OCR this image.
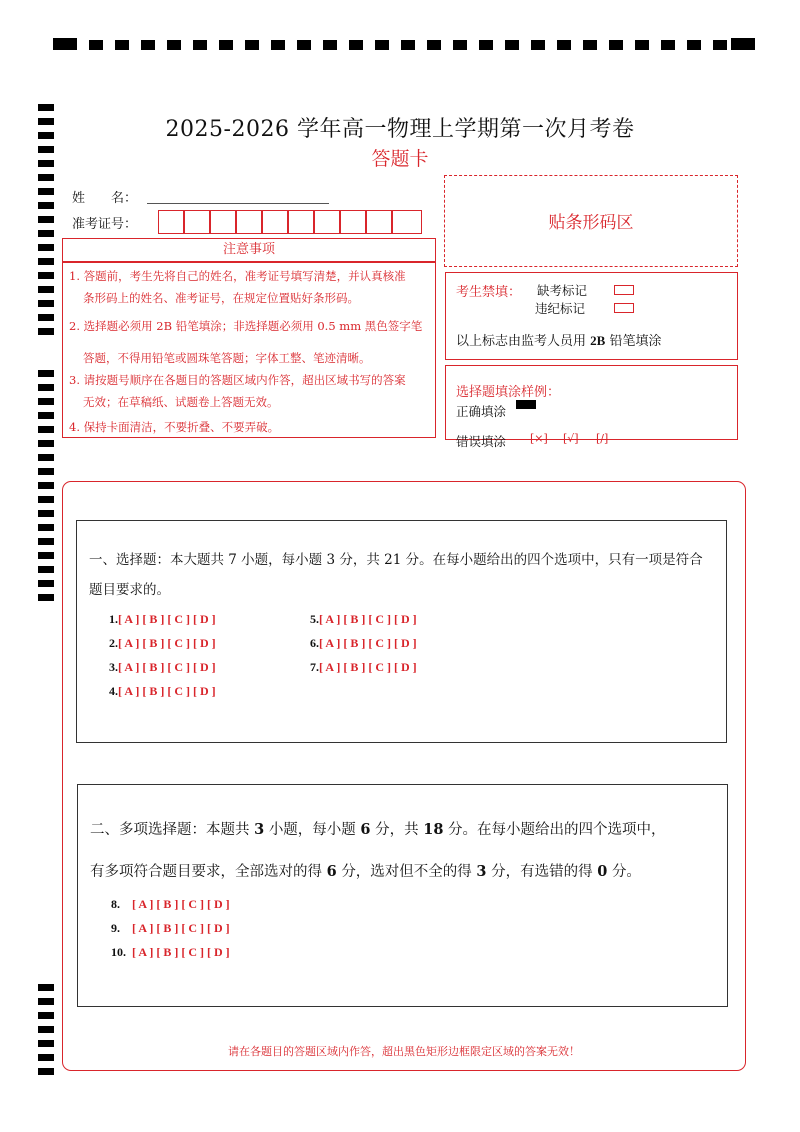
2025-2026 学年高一物理上学期第一次月考卷
答题卡
姓　　名：
准考证号：	贴条形码区
注意事项

1. 答题前，考生先将自己的姓名，准考证号填写清楚，并认真核准

条形码上的姓名、准考证号，在规定位置贴好条形码。

2. 选择题必须用 2B 铅笔填涂；非选择题必须用 0.5 mm 黑色签字笔

答题，不得用铅笔或圆珠笔答题；字体工整、笔迹清晰。

3. 请按题号顺序在各题目的答题区域内作答，超出区域书写的答案

无效；在草稿纸、试题卷上答题无效。

4. 保持卡面清洁，不要折叠、不要弄破。

考生禁填： 缺考标记
违纪标记
以上标志由监考人员用 2B 铅笔填涂
选择题填涂样例：
正确填涂
错误填涂 [×] [√] [/]
一、选择题：本大题共 7 小题，每小题 3 分，共 21 分。在每小题给出的四个选项中，只有一项是符合
题目要求的。
1.[ A ] [ B ] [ C ] [ D ]
2.[ A ] [ B ] [ C ] [ D ]
3.[ A ] [ B ] [ C ] [ D ]
4.[ A ] [ B ] [ C ] [ D ]
5.[ A ] [ B ] [ C ] [ D ]
6.[ A ] [ B ] [ C ] [ D ]
7.[ A ] [ B ] [ C ] [ D ]
二、多项选择题：本题共 3 小题，每小题 6 分，共 18 分。在每小题给出的四个选项中，
有多项符合题目要求，全部选对的得 6 分，选对但不全的得 3 分，有选错的得 0 分。
8. [ A ] [ B ] [ C ] [ D ]
9. [ A ] [ B ] [ C ] [ D ]
10. [ A ] [ B ] [ C ] [ D ]
请在各题目的答题区域内作答，超出黑色矩形边框限定区域的答案无效！
